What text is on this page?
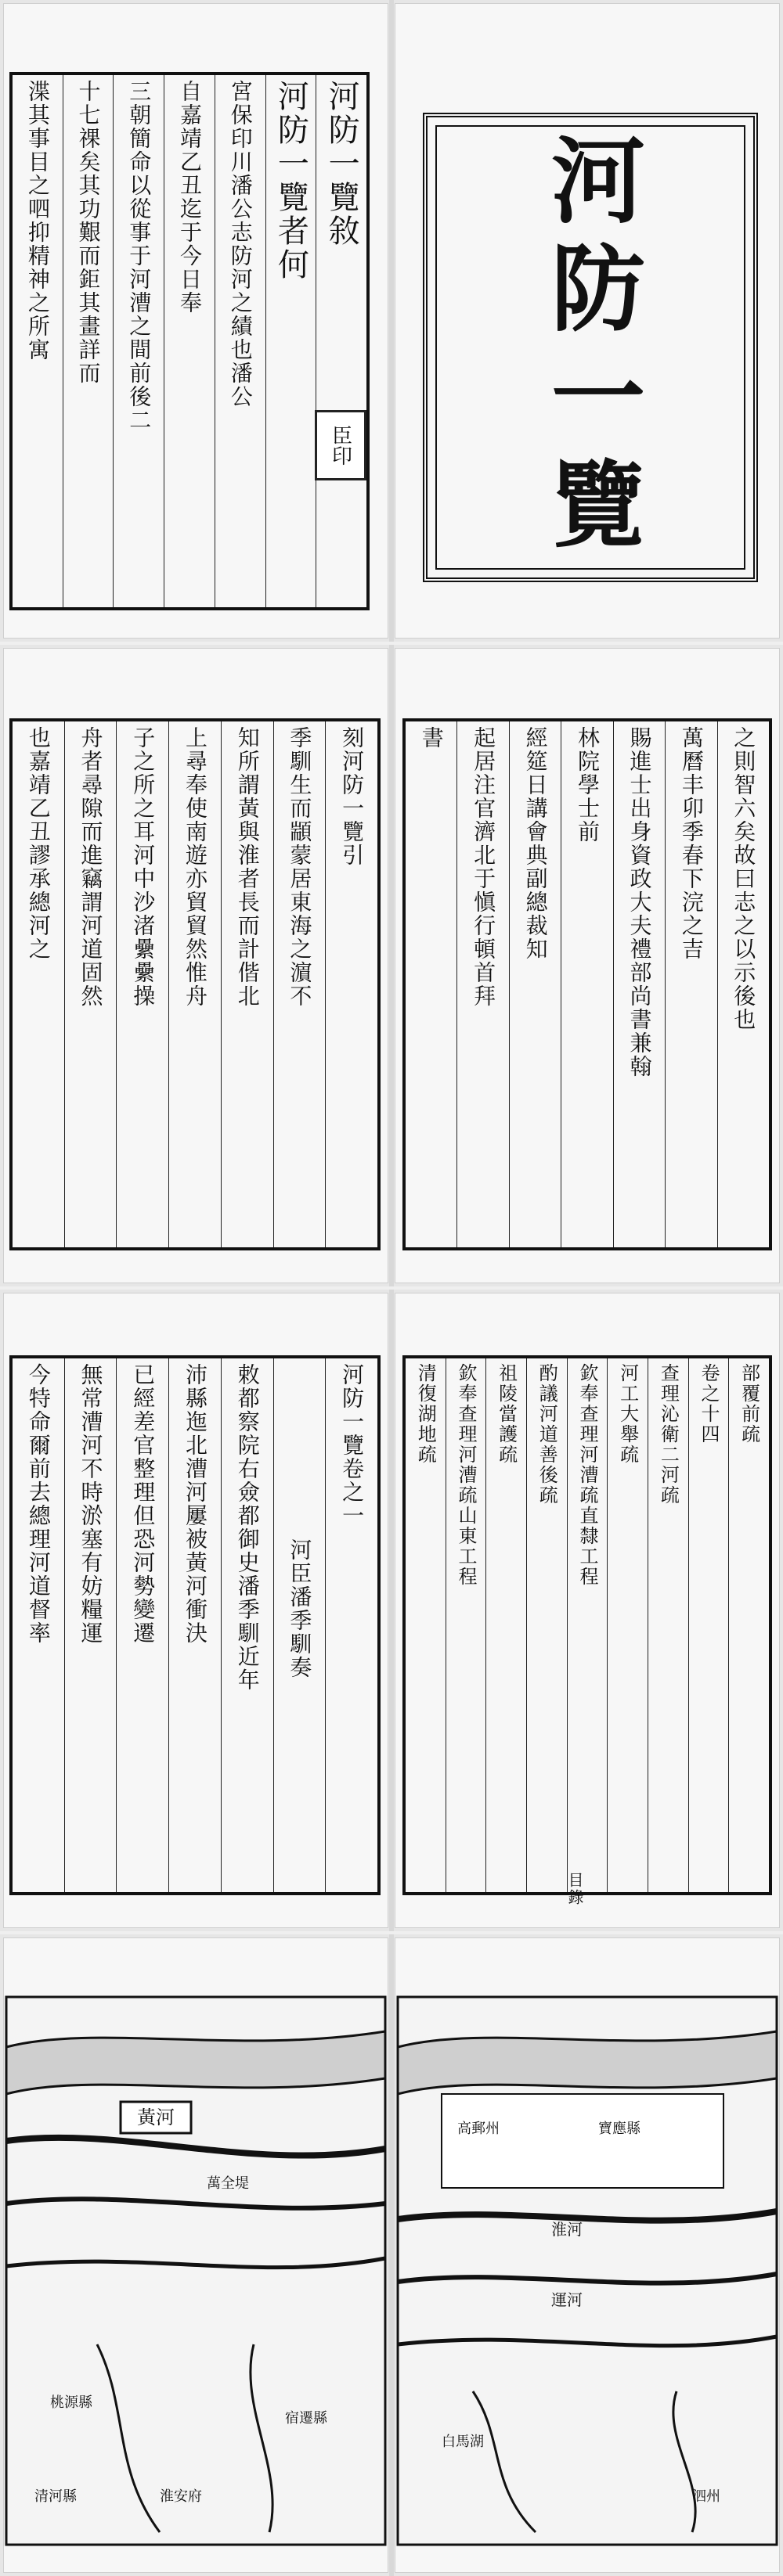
河防一覽敘
河防一覽者何
宮保印川潘公志防河之績也潘公
自嘉靖乙丑迄于今日奉
三朝簡命以從事于河漕之間前後二
十七祼矣其功艱而鉅其畫詳而
渫其事目之呬抑精神之所寓
臣印 河防一覽
刻河防一覽引
季馴生而顓蒙居東海之濵不
知所謂黃與淮者長而計偕北
上尋奉使南遊亦貿貿然惟舟
子之所之耳河中沙渚纍纍操
舟者尋隙而進竊謂河道固然
也嘉靖乙丑謬承總河之	之則智六矣故曰志之以示後也
萬曆丰卯季春下浣之吉
賜進士出身資政大夫禮部尚書兼翰
林院學士前
經筵日講會典副總裁知
起居注官濟北于愼行頓首拜
書
河防一覽卷之一
河臣潘季馴奏
敕都察院右僉都御史潘季馴近年
沛縣迤北漕河屢被黃河衝決
已經差官整理但恐河勢變遷
無常漕河不時淤塞有妨糧運
今特命爾前去總理河道督率	部覆前疏
卷之十四
查理沁衛二河疏
河工大舉疏
欽奉查理河漕疏直隸工程
酌議河道善後疏
祖陵當護疏
欽奉查理河漕疏山東工程
清復湖地疏
目錄
黃河
萬全堤
桃源縣
宿遷縣
淮安府
清河縣
高郵州	寶應縣
淮河
運河
白馬湖
泗州
